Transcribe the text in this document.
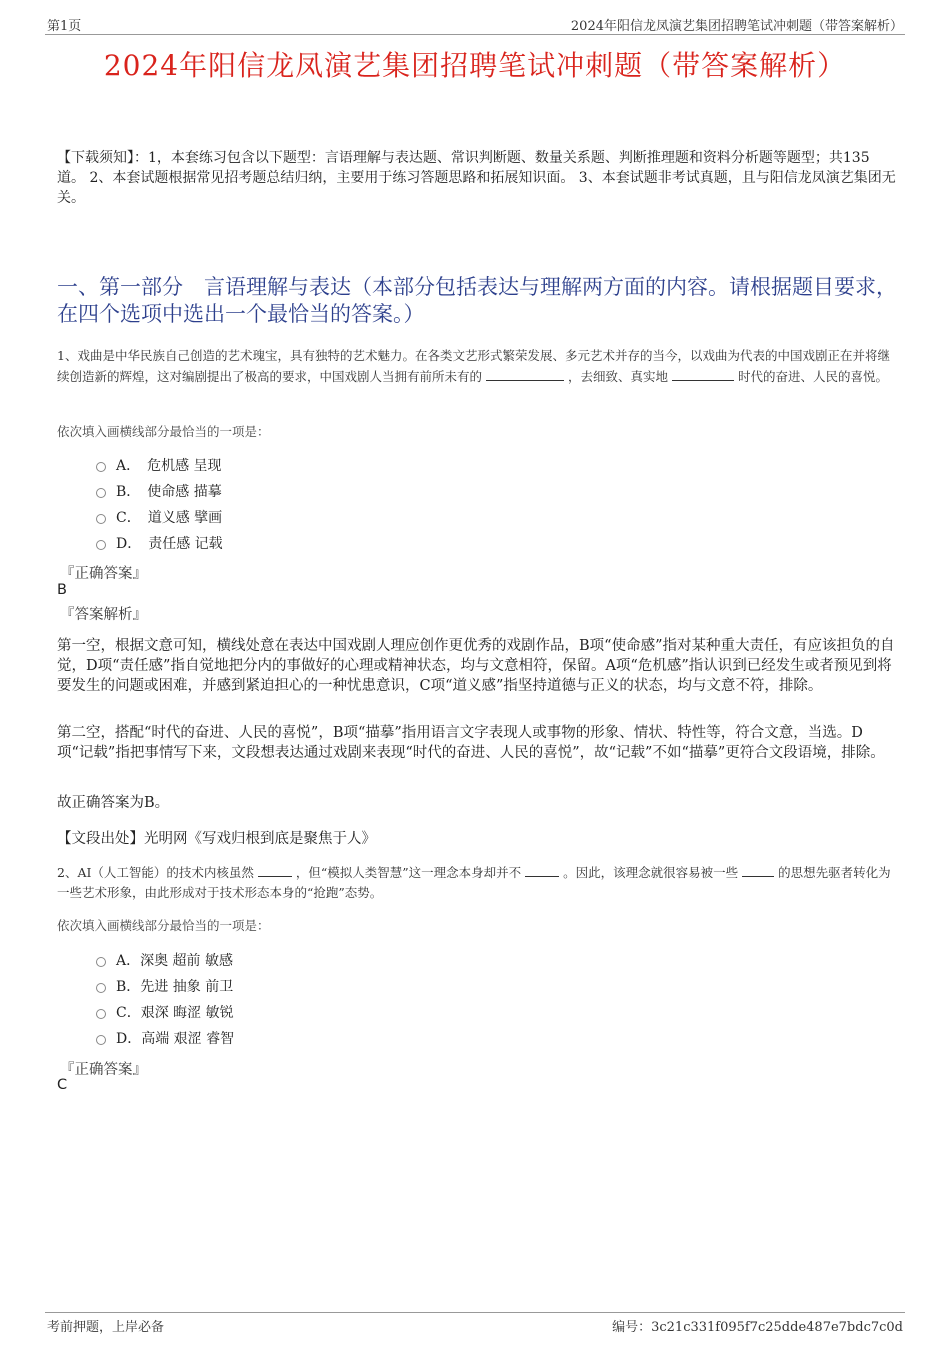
第1页	2024年阳信龙凤演艺集团招聘笔试冲刺题（带答案解析）
2024年阳信龙凤演艺集团招聘笔试冲刺题（带答案解析）
【下载须知】：1，本套练习包含以下题型：言语理解与表达题、常识判断题、数量关系题、判断推理题和资料分析题等题型；共135道。 2、本套试题根据常见招考题总结归纳，主要用于练习答题思路和拓展知识面。 3、本套试题非考试真题，且与阳信龙凤演艺集团无关。
一、第一部分　言语理解与表达（本部分包括表达与理解两方面的内容。请根据题目要求，在四个选项中选出一个最恰当的答案。）
1、戏曲是中华民族自己创造的艺术瑰宝，具有独特的艺术魅力。在各类文艺形式繁荣发展、多元艺术并存的当今，以戏曲为代表的中国戏剧正在并将继续创造新的辉煌，这对编剧提出了极高的要求，中国戏剧人当拥有前所未有的	，去细致、真实地	时代的奋进、人民的喜悦。
依次填入画横线部分最恰当的一项是：
A．　危机感 呈现
B．　使命感 描摹
C．　道义感 擘画
D．　责任感 记载
『正确答案』
B
『答案解析』
第一空，根据文意可知，横线处意在表达中国戏剧人理应创作更优秀的戏剧作品，B项“使命感”指对某种重大责任，有应该担负的自觉，D项“责任感”指自觉地把分内的事做好的心理或精神状态，均与文意相符，保留。A项“危机感”指认识到已经发生或者预见到将要发生的问题或困难，并感到紧迫担心的一种忧患意识，C项“道义感”指坚持道德与正义的状态，均与文意不符，排除。
第二空，搭配“时代的奋进、人民的喜悦”，B项“描摹”指用语言文字表现人或事物的形象、情状、特性等，符合文意，当选。D项“记载”指把事情写下来，文段想表达通过戏剧来表现“时代的奋进、人民的喜悦”，故“记载”不如“描摹”更符合文段语境，排除。
故正确答案为B。
【文段出处】光明网《写戏归根到底是聚焦于人》
2、AI（人工智能）的技术内核虽然	，但“模拟人类智慧”这一理念本身却并不	。因此，该理念就很容易被一些	的思想先驱者转化为一些艺术形象，由此形成对于技术形态本身的“抢跑”态势。
依次填入画横线部分最恰当的一项是：
A．深奥 超前 敏感
B．先进 抽象 前卫
C．艰深 晦涩 敏锐
D．高端 艰涩 睿智
『正确答案』
C
考前押题，上岸必备	编号：3c21c331f095f7c25dde487e7bdc7c0d
